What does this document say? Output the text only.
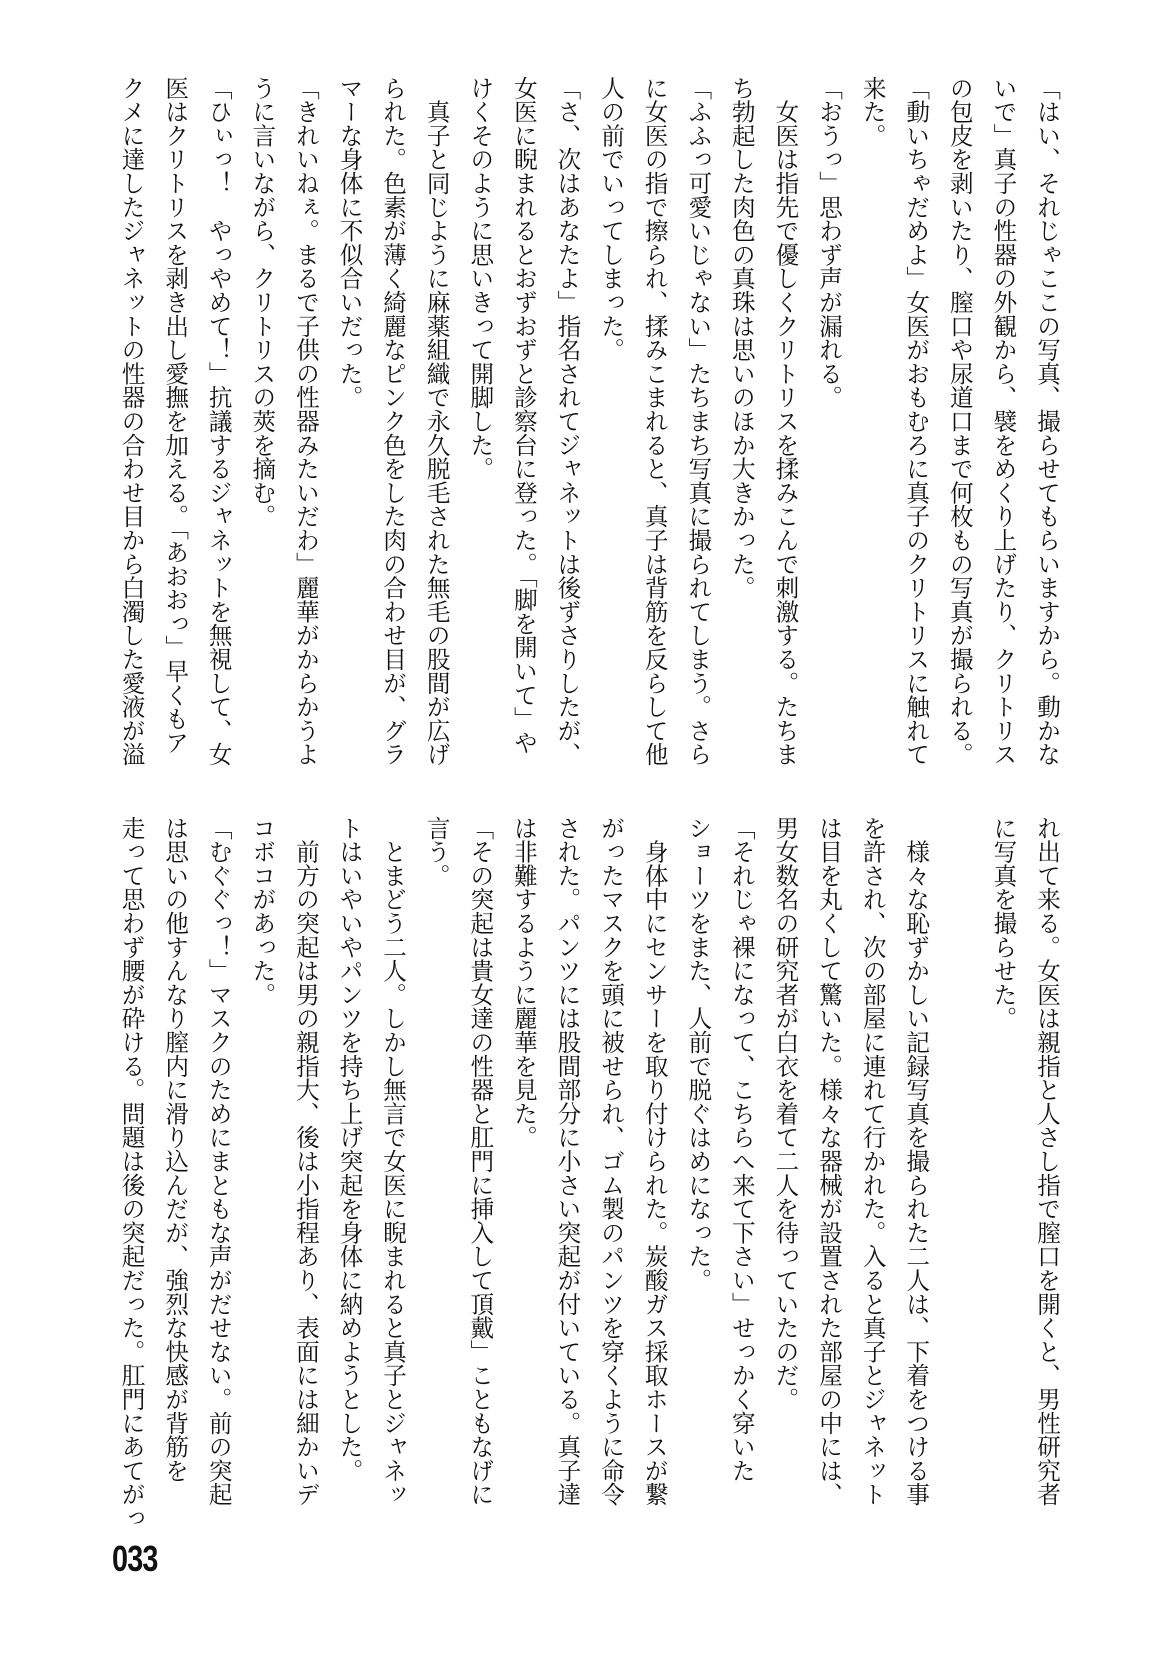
「はい、それじゃここの写真、撮らせてもらいますから。動かな
いで」真子の性器の外観から、襞をめくり上げたり、クリトリス
の包皮を剥いたり、膣口や尿道口まで何枚もの写真が撮られる。
「動いちゃだめよ」女医がおもむろに真子のクリトリスに触れて
来た。
「おうっ」思わず声が漏れる。
　女医は指先で優しくクリトリスを揉みこんで刺激する。たちま
ち勃起した肉色の真珠は思いのほか大きかった。
「ふふっ可愛いじゃない」たちまち写真に撮られてしまう。さら
に女医の指で擦られ、揉みこまれると、真子は背筋を反らして他
人の前でいってしまった。
「さ、次はあなたよ」指名されてジャネットは後ずさりしたが、
女医に睨まれるとおずおずと診察台に登った。「脚を開いて」や
けくそのように思いきって開脚した。
　真子と同じように麻薬組織で永久脱毛された無毛の股間が広げ
られた。色素が薄く綺麗なピンク色をした肉の合わせ目が、グラ
マーな身体に不似合いだった。
「きれいねぇ。まるで子供の性器みたいだわ」麗華がからかうよ
うに言いながら、クリトリスの莢を摘む。
「ひぃっ！　やっやめて！」抗議するジャネットを無視して、女
医はクリトリスを剥き出し愛撫を加える。「あおおっ」早くもア
クメに達したジャネットの性器の合わせ目から白濁した愛液が溢
れ出て来る。女医は親指と人さし指で膣口を開くと、男性研究者
に写真を撮らせた。
　様々な恥ずかしい記録写真を撮られた二人は、下着をつける事
を許され、次の部屋に連れて行かれた。入ると真子とジャネット
は目を丸くして驚いた。様々な器械が設置された部屋の中には、
男女数名の研究者が白衣を着て二人を待っていたのだ。
「それじゃ裸になって、こちらへ来て下さい」せっかく穿いた
ショーツをまた、人前で脱ぐはめになった。
　身体中にセンサーを取り付けられた。炭酸ガス採取ホースが繋
がったマスクを頭に被せられ、ゴム製のパンツを穿くように命令
された。パンツには股間部分に小さい突起が付いている。真子達
は非難するように麗華を見た。
「その突起は貴女達の性器と肛門に挿入して頂戴」こともなげに
言う。
　とまどう二人。しかし無言で女医に睨まれると真子とジャネッ
トはいやいやパンツを持ち上げ突起を身体に納めようとした。
　前方の突起は男の親指大、後は小指程あり、表面には細かいデ
コボコがあった。
「むぐぐっ！」マスクのためにまともな声がだせない。前の突起
は思いの他すんなり膣内に滑り込んだが、強烈な快感が背筋を
走って思わず腰が砕ける。問題は後の突起だった。肛門にあてがっ
033
